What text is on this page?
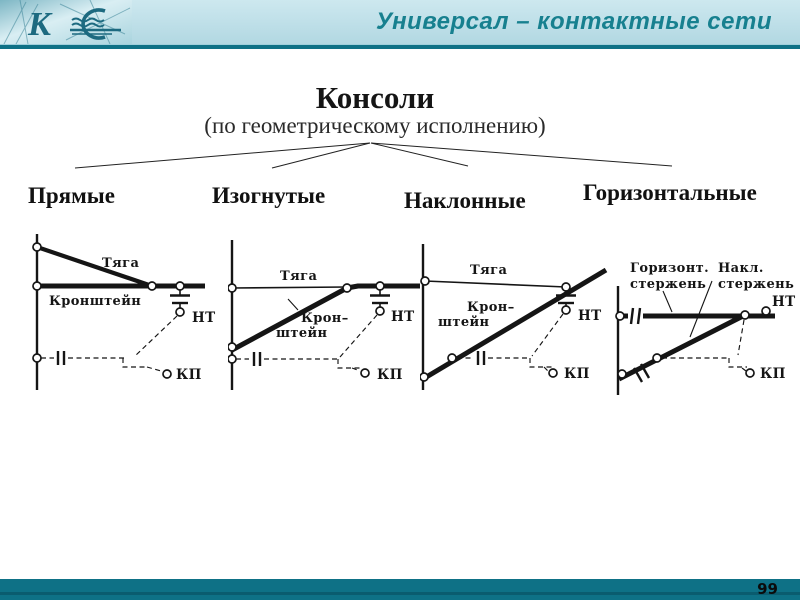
К	Универсал – контактные сети
Консоли
(по геометрическому исполнению)
Прямые	Изогнутые	Наклонные Горизонтальные
Тяга
Кронштейн
НТ
КП
Тяга
Крон–
штейн
НТ
КП
Тяга
Крон–
штейн	НТ
КП
Горизонт.
стержень
Накл.
стержень
НТ
КП
99
